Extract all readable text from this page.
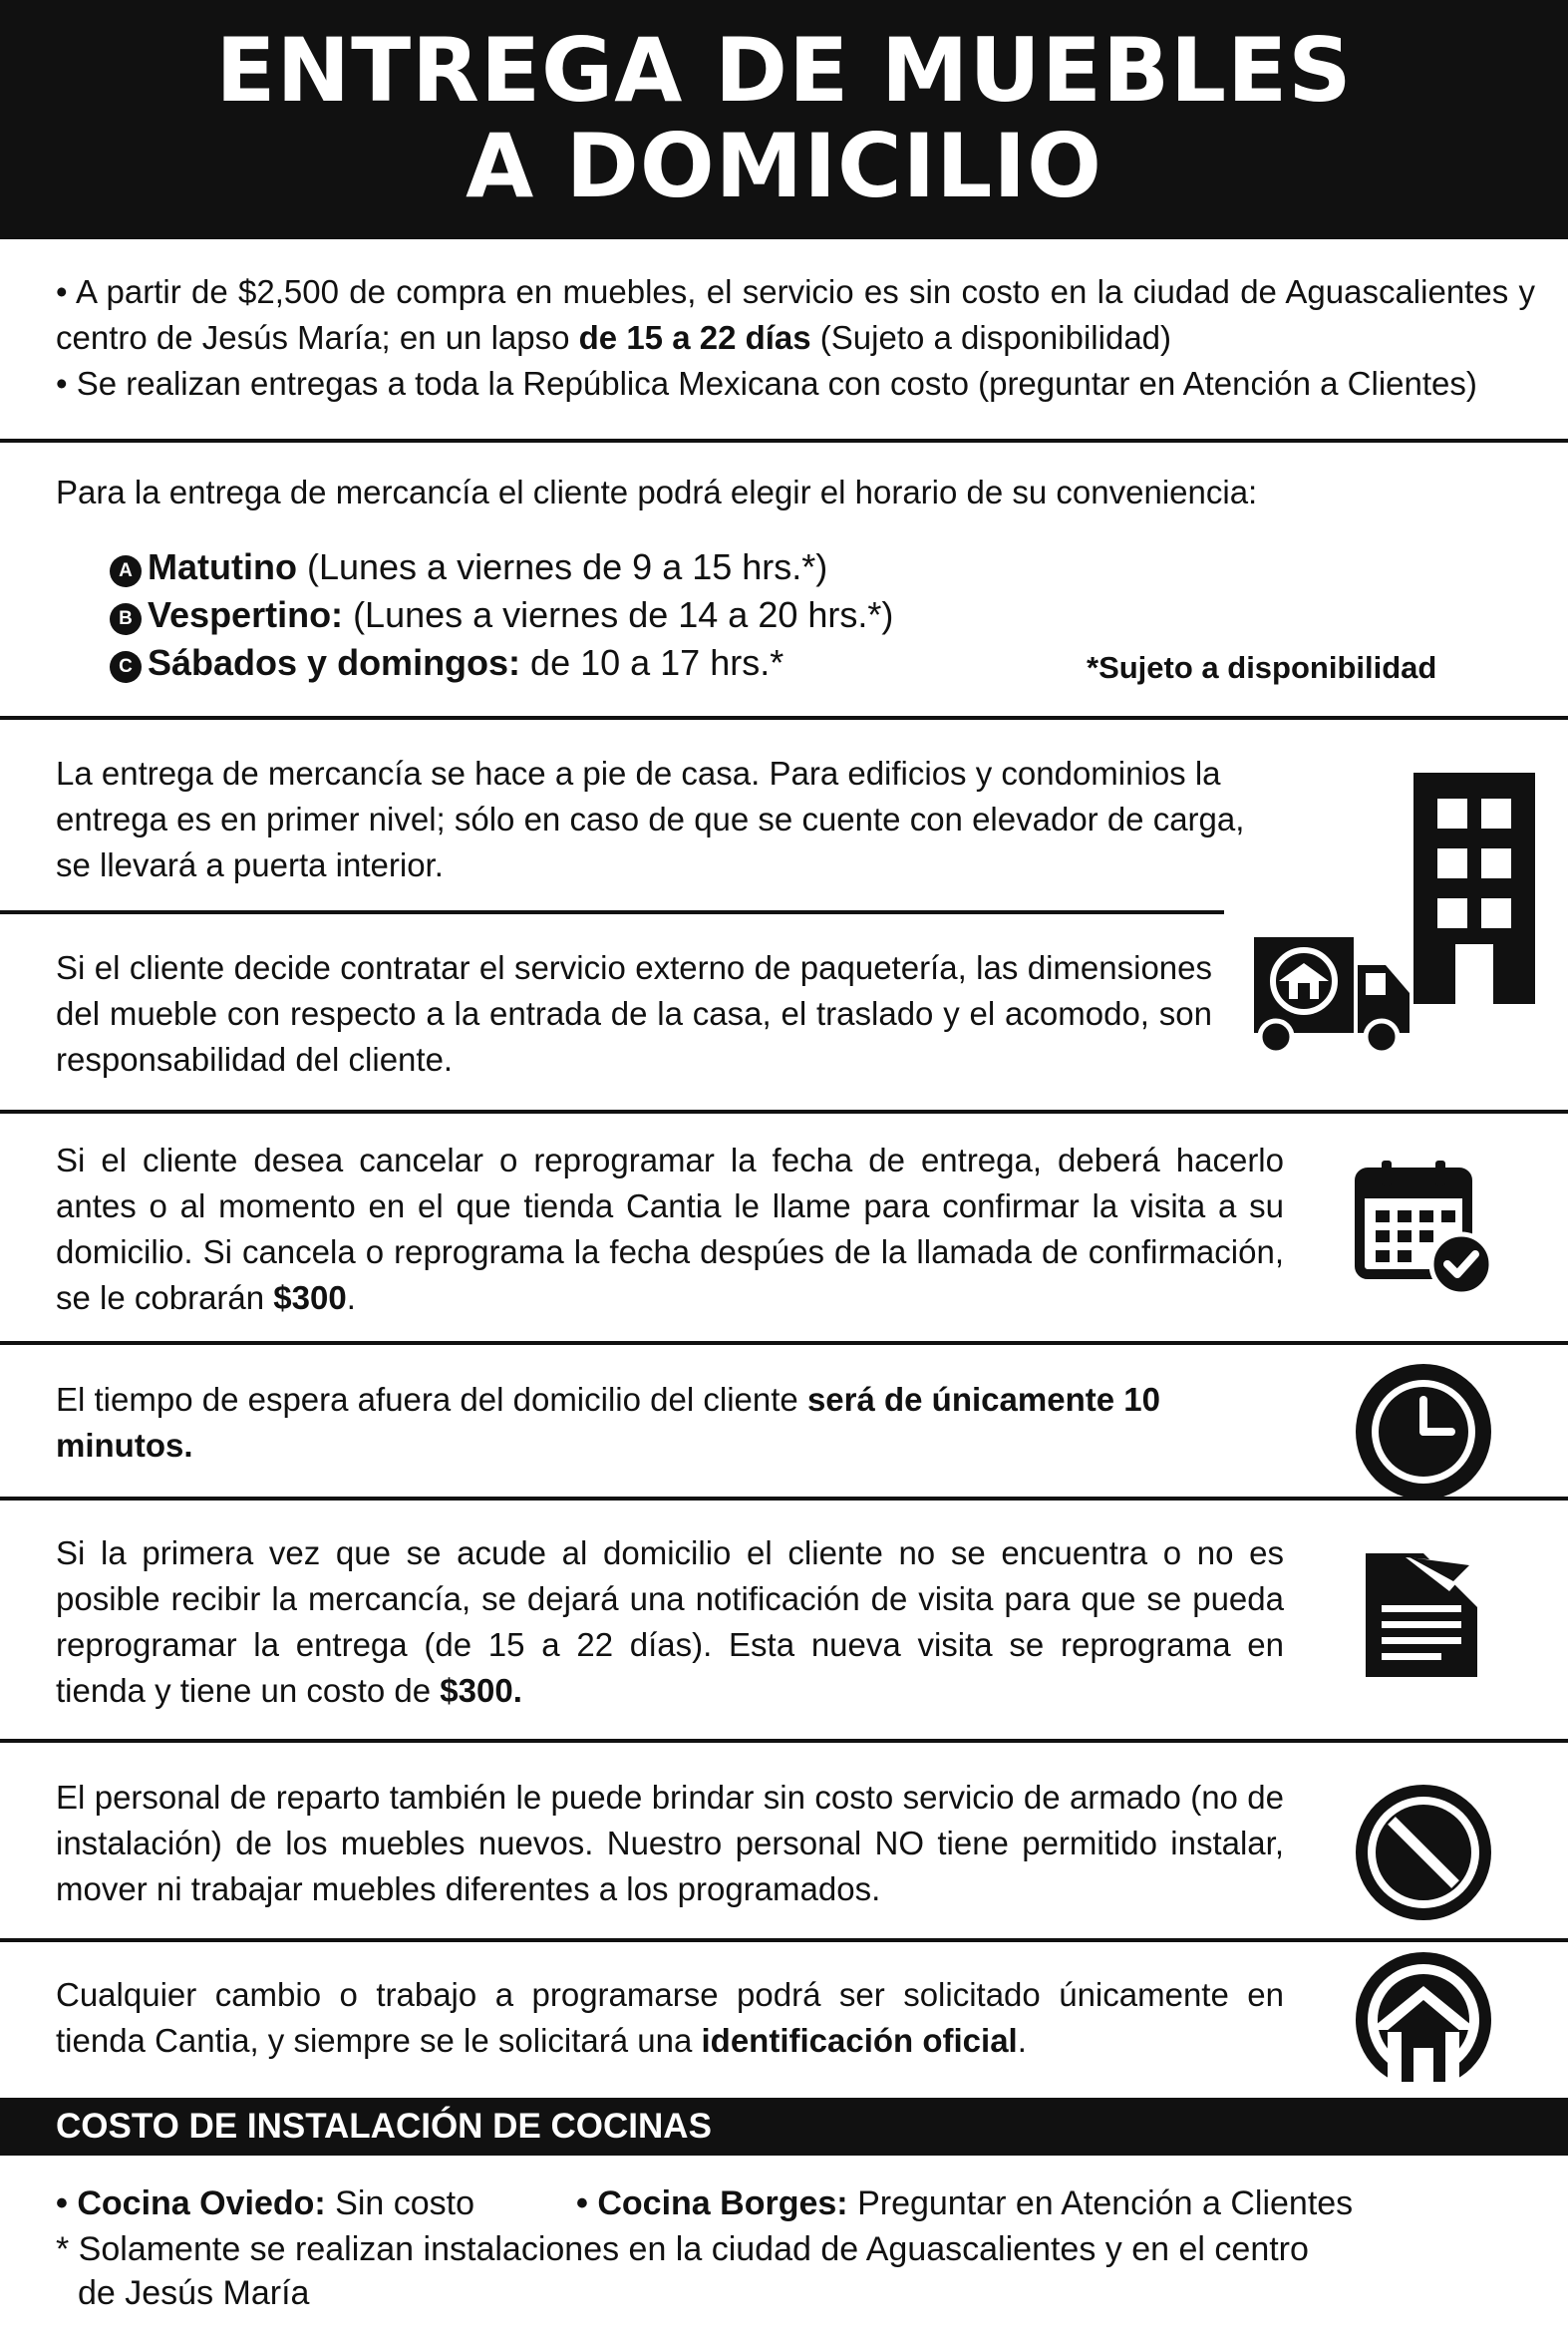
ENTREGA DE MUEBLES
A DOMICILIO
• A partir de $2,500 de compra en muebles, el servicio es sin costo en la ciudad de Aguascalientes y centro de Jesús María; en un lapso de 15 a 22 días (Sujeto a disponibilidad)
• Se realizan entregas a toda la República Mexicana con costo (preguntar en Atención a Clientes)
Para la entrega de mercancía el cliente podrá elegir el horario de su conveniencia:
A Matutino (Lunes a viernes de 9 a 15 hrs.*)
B Vespertino: (Lunes a viernes de 14 a 20 hrs.*)
C Sábados y domingos: de 10 a 17 hrs.*	*Sujeto a disponibilidad
La entrega de mercancía se hace a pie de casa. Para edificios y condominios la entrega es en primer nivel; sólo en caso de que se cuente con elevador de carga, se llevará a puerta interior.
Si el cliente decide contratar el servicio externo de paquetería, las dimensiones del mueble con respecto a la entrada de la casa, el traslado y el acomodo, son responsabilidad del cliente.
Si el cliente desea cancelar o reprogramar la fecha de entrega, deberá hacerlo antes o al momento en el que tienda Cantia le llame para confirmar la visita a su domicilio. Si cancela o reprograma la fecha despúes de la llamada de confirmación, se le cobrarán $300.
El tiempo de espera afuera del domicilio del cliente será de únicamente 10 minutos.
Si la primera vez que se acude al domicilio el cliente no se encuentra o no es posible recibir la mercancía, se dejará una notificación de visita para que se pueda reprogramar la entrega (de 15 a 22 días). Esta nueva visita se reprograma en tienda y tiene un costo de $300.
El personal de reparto también le puede brindar sin costo servicio de armado (no de instalación) de los muebles nuevos. Nuestro personal NO tiene permitido instalar, mover ni trabajar muebles diferentes a los programados.
Cualquier cambio o trabajo a programarse podrá ser solicitado únicamente en tienda Cantia, y siempre se le solicitará una identificación oficial.
COSTO DE INSTALACIÓN DE COCINAS
• Cocina Oviedo: Sin costo	• Cocina Borges: Preguntar en Atención a Clientes
* Solamente se realizan instalaciones en la ciudad de Aguascalientes y en el centro
de Jesús María
